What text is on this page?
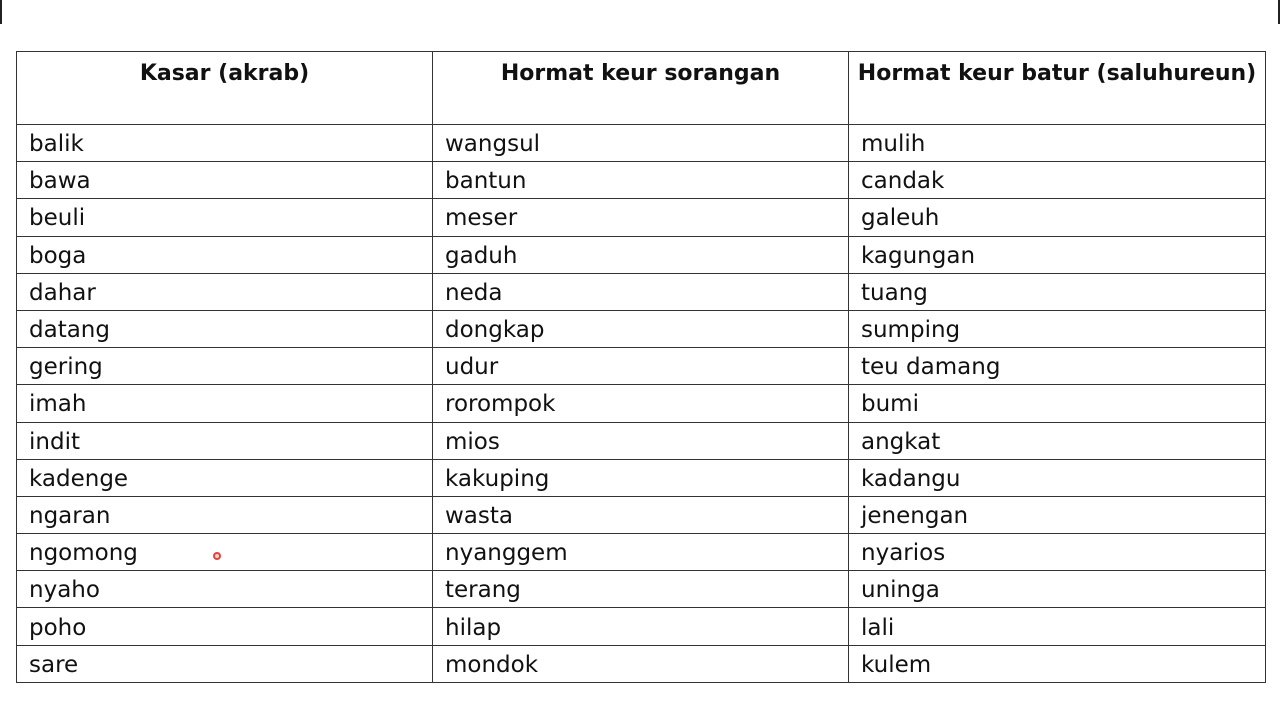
Kasar (akrab)	Hormat keur sorangan	Hormat keur batur (saluhureun)
balik	wangsul	mulih
bawa	bantun	candak
beuli	meser	galeuh
boga	gaduh	kagungan
dahar	neda	tuang
datang	dongkap	sumping
gering	udur	teu damang
imah	rorompok	bumi
indit	mios	angkat
kadenge	kakuping	kadangu
ngaran	wasta	jenengan
ngomong	nyanggem	nyarios
nyaho	terang	uninga
poho	hilap	lali
sare	mondok	kulem
